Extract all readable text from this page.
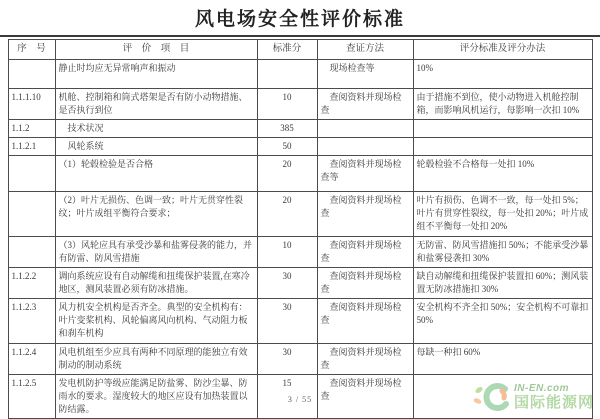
风电场安全性评价标准
序　号	评　价　项　目	标准分	查证方法	评分标准及评分办法
	静止时均应无异常响声和振动		现场检查等	10%
1.1.1.10	机舱、控制箱和筒式塔架是否有防小动物措施、是否执行到位	10	查阅资料并现场检查	由于措施不到位，使小动物进入机舱控制箱，而影响风机运行，每影响一次扣 10%
1.1.2	　技术状况	385		
1.1.2.1	　风轮系统	50		
	（1）轮毂检验是否合格	20	查阅资料并现场检查等	轮毂检验不合格每一处扣 10%
	（2）叶片无损伤、色调一致；叶片无贯穿性裂纹；叶片成组平衡符合要求；	20	查阅资料并现场检查	叶片有损伤、色调不一致，每一处扣 5%；叶片有贯穿性裂纹，每一处扣 20%；叶片成组不平衡每一处扣 20%
	（3）风轮应具有承受沙暴和盐雾侵袭的能力，并有防雷、防风雪措施	10	查阅资料并现场检查	无防雷、防风雪措施扣 50%；不能承受沙暴和盐雾侵袭扣 30%
1.1.2.2	调向系统应设有自动解缆和扭缆保护装置,在寒冷地区，测风装置必须有防冰措施。	30	查阅资料并现场检查	缺自动解缆和扭缆保护装置扣 60%；测风装置无防冰措施扣 30%
1.1.2.3	风力机安全机构是否齐全。典型的安全机构有：叶片变桨机构、风轮偏离风向机构、气动阻力板和刹车机构	30	查阅资料并现场检查	安全机构不齐全扣 50%；安全机构不可靠扣 50%
1.1.2.4	风电机组至少应具有两种不同原理的能独立有效制动的制动系统	30	查阅资料并现场检查	每缺一种扣 60%
1.1.2.5	发电机防护等级应能满足防盐雾、防沙尘暴、防雨水的要求。湿度较大的地区应设有加热装置以防结露。	15	查阅资料并现场检查	
3 / 55
IN-EN.com
国际能源网
